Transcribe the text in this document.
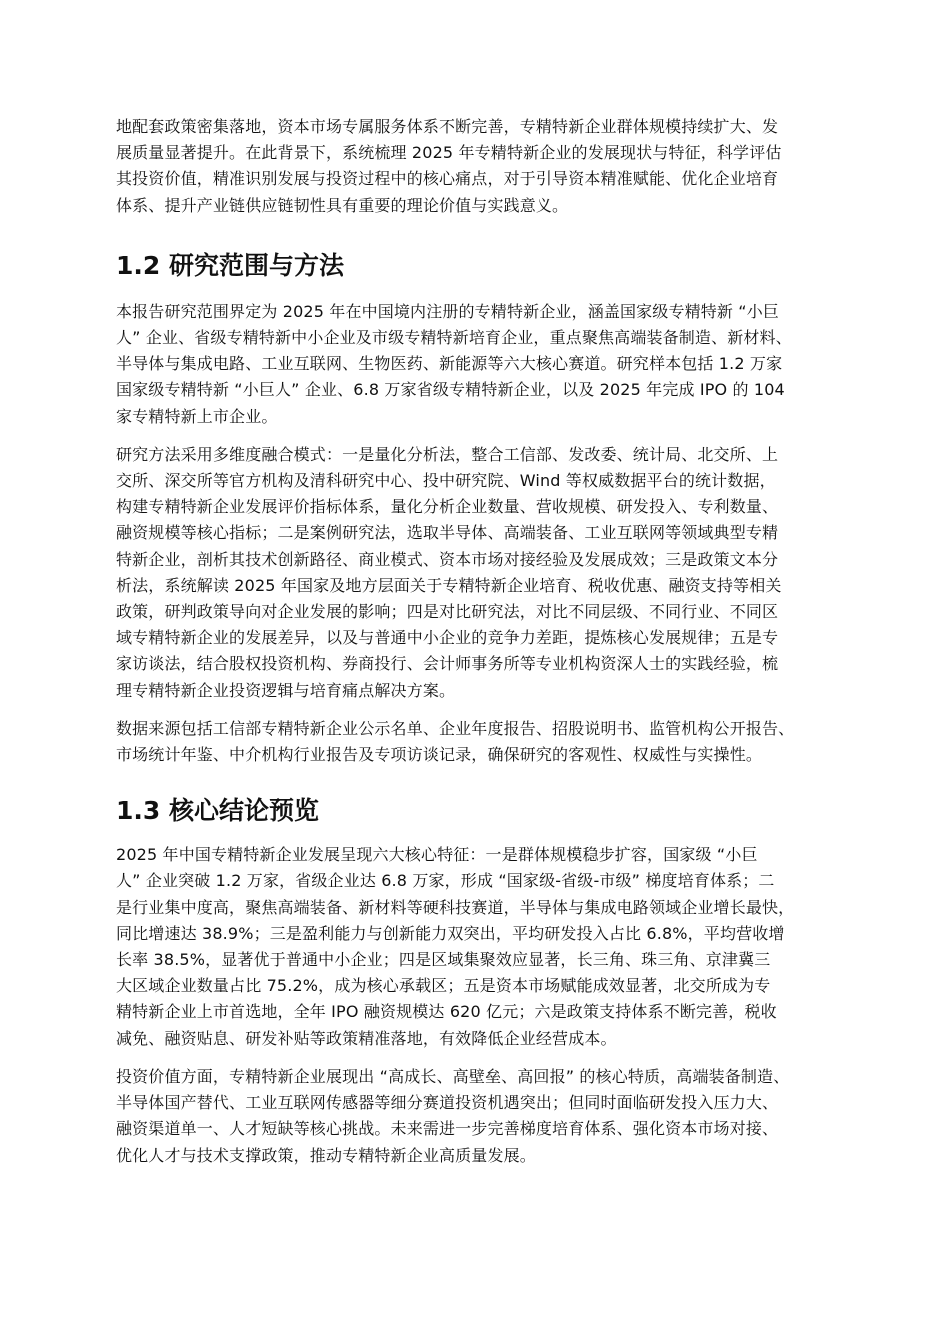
地配套政策密集落地，资本市场专属服务体系不断完善，专精特新企业群体规模持续扩大、发
展质量显著提升。在此背景下，系统梳理 2025 年专精特新企业的发展现状与特征，科学评估
其投资价值，精准识别发展与投资过程中的核心痛点，对于引导资本精准赋能、优化企业培育
体系、提升产业链供应链韧性具有重要的理论价值与实践意义。

1.2 研究范围与方法

本报告研究范围界定为 2025 年在中国境内注册的专精特新企业，涵盖国家级专精特新 “小巨
人” 企业、省级专精特新中小企业及市级专精特新培育企业，重点聚焦高端装备制造、新材料、
半导体与集成电路、工业互联网、生物医药、新能源等六大核心赛道。研究样本包括 1.2 万家
国家级专精特新 “小巨人” 企业、6.8 万家省级专精特新企业，以及 2025 年完成 IPO 的 104
家专精特新上市企业。

研究方法采用多维度融合模式：一是量化分析法，整合工信部、发改委、统计局、北交所、上
交所、深交所等官方机构及清科研究中心、投中研究院、Wind 等权威数据平台的统计数据，
构建专精特新企业发展评价指标体系，量化分析企业数量、营收规模、研发投入、专利数量、
融资规模等核心指标；二是案例研究法，选取半导体、高端装备、工业互联网等领域典型专精
特新企业，剖析其技术创新路径、商业模式、资本市场对接经验及发展成效；三是政策文本分
析法，系统解读 2025 年国家及地方层面关于专精特新企业培育、税收优惠、融资支持等相关
政策，研判政策导向对企业发展的影响；四是对比研究法，对比不同层级、不同行业、不同区
域专精特新企业的发展差异，以及与普通中小企业的竞争力差距，提炼核心发展规律；五是专
家访谈法，结合股权投资机构、券商投行、会计师事务所等专业机构资深人士的实践经验，梳
理专精特新企业投资逻辑与培育痛点解决方案。

数据来源包括工信部专精特新企业公示名单、企业年度报告、招股说明书、监管机构公开报告、
市场统计年鉴、中介机构行业报告及专项访谈记录，确保研究的客观性、权威性与实操性。

1.3 核心结论预览

2025 年中国专精特新企业发展呈现六大核心特征：一是群体规模稳步扩容，国家级 “小巨
人” 企业突破 1.2 万家，省级企业达 6.8 万家，形成 “国家级-省级-市级” 梯度培育体系；二
是行业集中度高，聚焦高端装备、新材料等硬科技赛道，半导体与集成电路领域企业增长最快，
同比增速达 38.9%；三是盈利能力与创新能力双突出，平均研发投入占比 6.8%，平均营收增
长率 38.5%，显著优于普通中小企业；四是区域集聚效应显著，长三角、珠三角、京津冀三
大区域企业数量占比 75.2%，成为核心承载区；五是资本市场赋能成效显著，北交所成为专
精特新企业上市首选地，全年 IPO 融资规模达 620 亿元；六是政策支持体系不断完善，税收
减免、融资贴息、研发补贴等政策精准落地，有效降低企业经营成本。

投资价值方面，专精特新企业展现出 “高成长、高壁垒、高回报” 的核心特质，高端装备制造、
半导体国产替代、工业互联网传感器等细分赛道投资机遇突出；但同时面临研发投入压力大、
融资渠道单一、人才短缺等核心挑战。未来需进一步完善梯度培育体系、强化资本市场对接、
优化人才与技术支撑政策，推动专精特新企业高质量发展。
